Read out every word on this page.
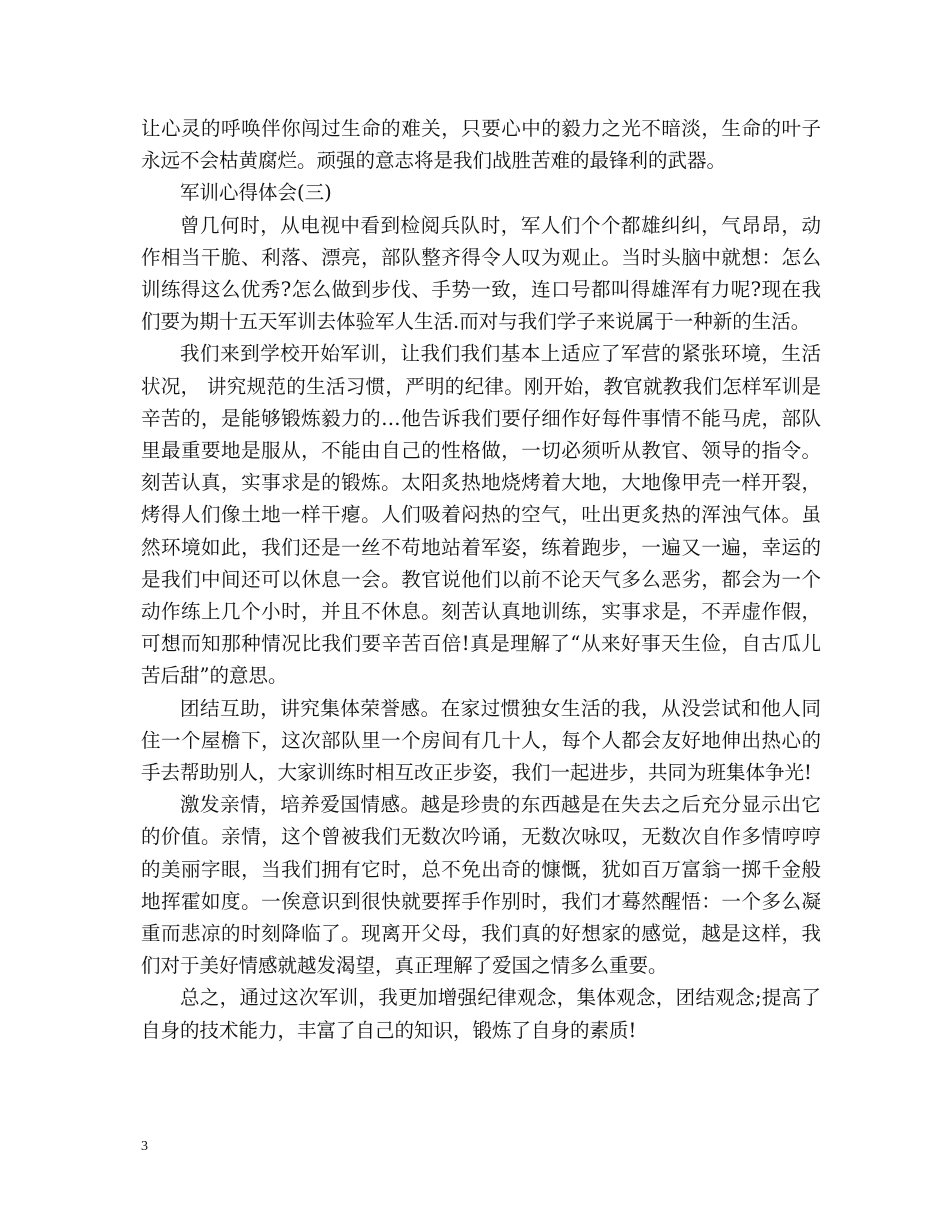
让心灵的呼唤伴你闯过生命的难关，只要心中的毅力之光不暗淡，生命的叶子永远不会枯黄腐烂。顽强的意志将是我们战胜苦难的最锋利的武器。

军训心得体会(三)

曾几何时，从电视中看到检阅兵队时，军人们个个都雄纠纠，气昂昂，动作相当干脆、利落、漂亮，部队整齐得令人叹为观止。当时头脑中就想：怎么训练得这么优秀?怎么做到步伐、手势一致，连口号都叫得雄浑有力呢?现在我们要为期十五天军训去体验军人生活.而对与我们学子来说属于一种新的生活。

我们来到学校开始军训，让我们我们基本上适应了军营的紧张环境，生活状况， 讲究规范的生活习惯，严明的纪律。刚开始，教官就教我们怎样军训是辛苦的，是能够锻炼毅力的…他告诉我们要仔细作好每件事情不能马虎，部队里最重要地是服从，不能由自己的性格做，一切必须听从教官、领导的指令。 刻苦认真，实事求是的锻炼。太阳炙热地烧烤着大地，大地像甲壳一样开裂，烤得人们像土地一样干瘪。人们吸着闷热的空气，吐出更炙热的浑浊气体。虽然环境如此，我们还是一丝不苟地站着军姿，练着跑步，一遍又一遍，幸运的是我们中间还可以休息一会。教官说他们以前不论天气多么恶劣，都会为一个动作练上几个小时，并且不休息。刻苦认真地训练，实事求是，不弄虚作假，可想而知那种情况比我们要辛苦百倍!真是理解了“从来好事天生俭，自古瓜儿苦后甜”的意思。

团结互助，讲究集体荣誉感。在家过惯独女生活的我，从没尝试和他人同住一个屋檐下，这次部队里一个房间有几十人，每个人都会友好地伸出热心的手去帮助别人，大家训练时相互改正步姿，我们一起进步，共同为班集体争光!

激发亲情，培养爱国情感。越是珍贵的东西越是在失去之后充分显示出它的价值。亲情，这个曾被我们无数次吟诵，无数次咏叹，无数次自作多情哼哼的美丽字眼，当我们拥有它时，总不免出奇的慷慨，犹如百万富翁一掷千金般地挥霍如度。一俟意识到很快就要挥手作别时，我们才蓦然醒悟：一个多么凝重而悲凉的时刻降临了。现离开父母，我们真的好想家的感觉，越是这样，我们对于美好情感就越发渴望，真正理解了爱国之情多么重要。

总之，通过这次军训，我更加增强纪律观念，集体观念，团结观念;提高了自身的技术能力，丰富了自己的知识，锻炼了自身的素质!

3
